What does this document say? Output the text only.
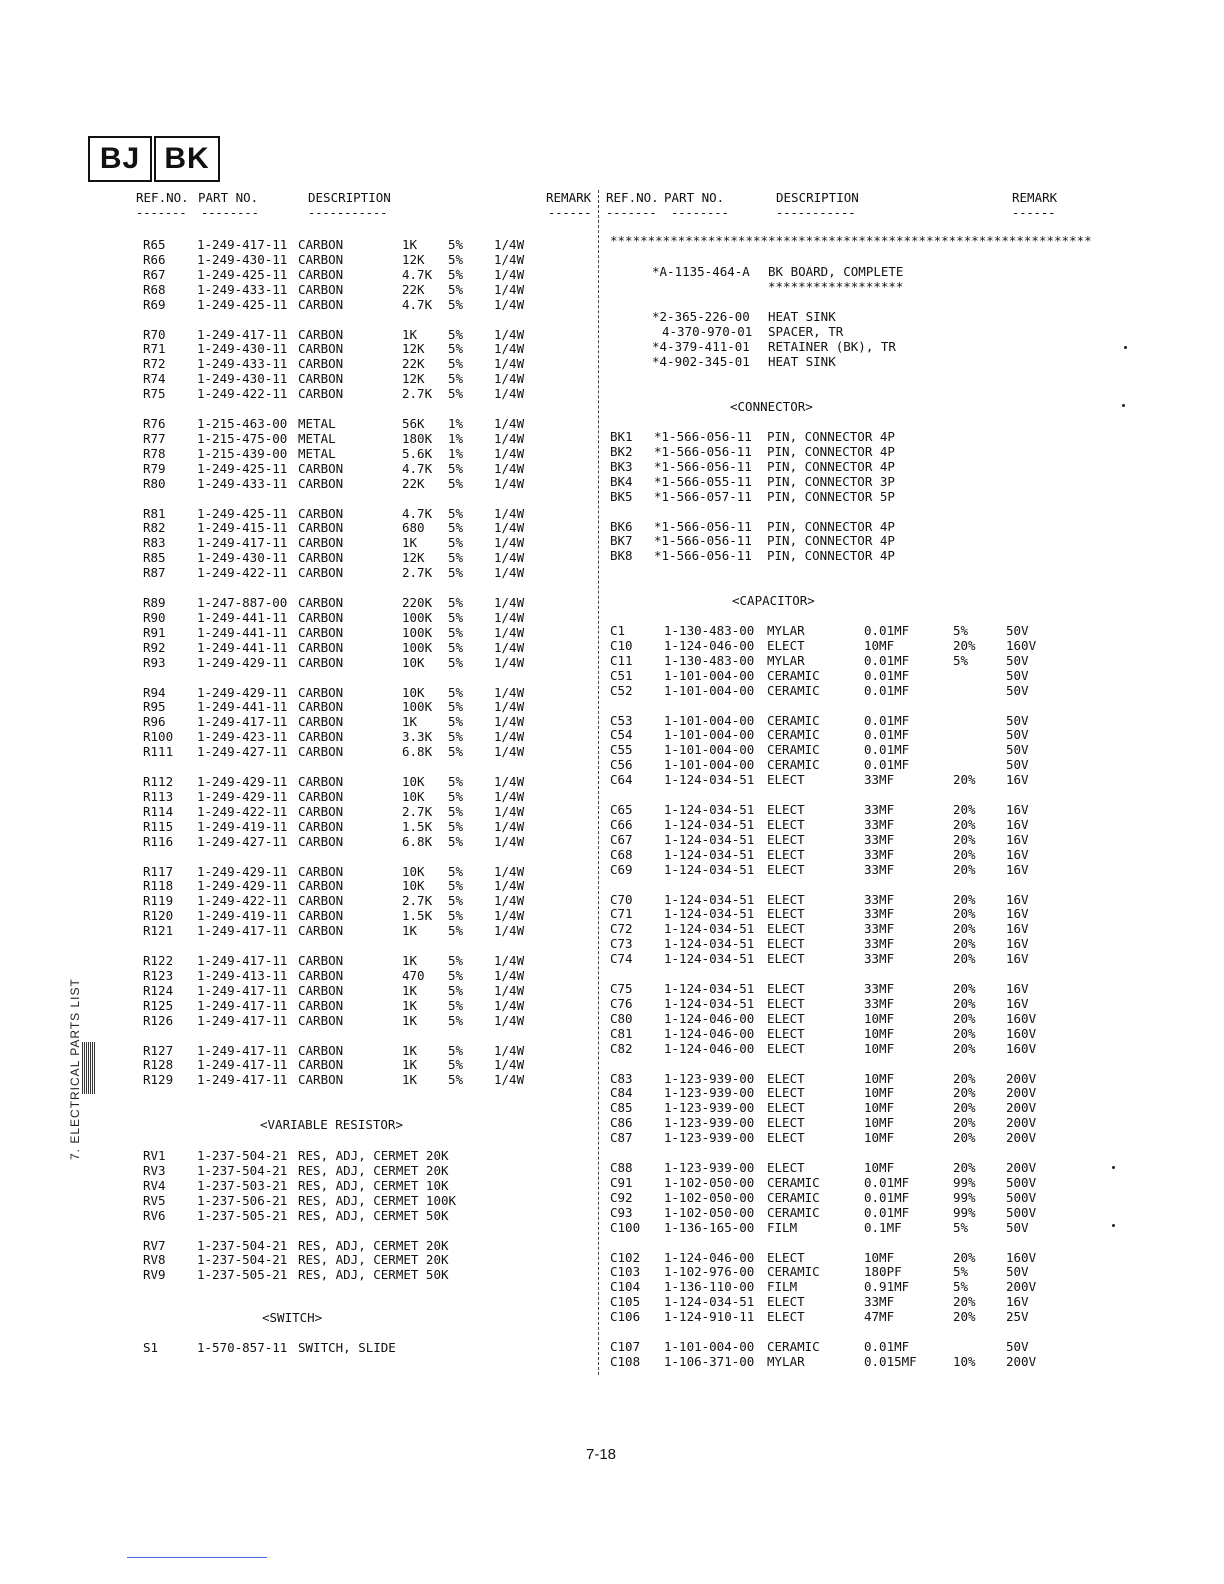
BJ BK
REF.NO. PART NO.	DESCRIPTION	REMARK REF.NO. PART NO.	DESCRIPTION	REMARK
-------  --------	-----------	------ -------  --------	-----------	------
R65	1-249-417-11 CARBON	1K 5% 1/4W
R66	1-249-430-11 CARBON	12K 5% 1/4W
R67	1-249-425-11 CARBON	4.7K 5% 1/4W
R68	1-249-433-11 CARBON	22K 5% 1/4W
R69	1-249-425-11 CARBON	4.7K 5% 1/4W
R70	1-249-417-11 CARBON	1K 5% 1/4W
R71	1-249-430-11 CARBON	12K 5% 1/4W
R72	1-249-433-11 CARBON	22K 5% 1/4W
R74	1-249-430-11 CARBON	12K 5% 1/4W
R75	1-249-422-11 CARBON	2.7K 5% 1/4W
R76	1-215-463-00 METAL	56K 1% 1/4W
R77	1-215-475-00 METAL	180K 1% 1/4W
R78	1-215-439-00 METAL	5.6K 1% 1/4W
R79	1-249-425-11 CARBON	4.7K 5% 1/4W
R80	1-249-433-11 CARBON	22K 5% 1/4W
R81	1-249-425-11 CARBON	4.7K 5% 1/4W
R82	1-249-415-11 CARBON	680 5% 1/4W
R83	1-249-417-11 CARBON	1K 5% 1/4W
R85	1-249-430-11 CARBON	12K 5% 1/4W
R87	1-249-422-11 CARBON	2.7K 5% 1/4W
R89	1-247-887-00 CARBON	220K 5% 1/4W
R90	1-249-441-11 CARBON	100K 5% 1/4W
R91	1-249-441-11 CARBON	100K 5% 1/4W
R92	1-249-441-11 CARBON	100K 5% 1/4W
R93	1-249-429-11 CARBON	10K 5% 1/4W
R94	1-249-429-11 CARBON	10K 5% 1/4W
R95	1-249-441-11 CARBON	100K 5% 1/4W
R96	1-249-417-11 CARBON	1K 5% 1/4W
R100 1-249-423-11 CARBON	3.3K 5% 1/4W
R111 1-249-427-11 CARBON	6.8K 5% 1/4W
R112 1-249-429-11 CARBON	10K 5% 1/4W
R113 1-249-429-11 CARBON	10K 5% 1/4W
R114 1-249-422-11 CARBON	2.7K 5% 1/4W
R115 1-249-419-11 CARBON	1.5K 5% 1/4W
R116 1-249-427-11 CARBON	6.8K 5% 1/4W
R117 1-249-429-11 CARBON	10K 5% 1/4W
R118 1-249-429-11 CARBON	10K 5% 1/4W
R119 1-249-422-11 CARBON	2.7K 5% 1/4W
R120 1-249-419-11 CARBON	1.5K 5% 1/4W
R121 1-249-417-11 CARBON	1K 5% 1/4W
R122 1-249-417-11 CARBON	1K 5% 1/4W
R123 1-249-413-11 CARBON	470 5% 1/4W
R124 1-249-417-11 CARBON	1K 5% 1/4W
R125 1-249-417-11 CARBON	1K 5% 1/4W
R126 1-249-417-11 CARBON	1K 5% 1/4W
R127 1-249-417-11 CARBON	1K 5% 1/4W
R128 1-249-417-11 CARBON	1K 5% 1/4W
R129 1-249-417-11 CARBON	1K 5% 1/4W
<VARIABLE RESISTOR>
RV1	1-237-504-21 RES, ADJ, CERMET 20K
RV3	1-237-504-21 RES, ADJ, CERMET 20K
RV4	1-237-503-21 RES, ADJ, CERMET 10K
RV5	1-237-506-21 RES, ADJ, CERMET 100K
RV6	1-237-505-21 RES, ADJ, CERMET 50K
RV7	1-237-504-21 RES, ADJ, CERMET 20K
RV8	1-237-504-21 RES, ADJ, CERMET 20K
RV9	1-237-505-21 RES, ADJ, CERMET 50K
<SWITCH>
S1	1-570-857-11 SWITCH, SLIDE
****************************************************************
*A-1135-464-A BK BOARD, COMPLETE
******************
*2-365-226-00 HEAT SINK
4-370-970-01 SPACER, TR
*4-379-411-01 RETAINER (BK), TR
*4-902-345-01 HEAT SINK
<CONNECTOR>
BK1 *1-566-056-11 PIN, CONNECTOR 4P
BK2 *1-566-056-11 PIN, CONNECTOR 4P
BK3 *1-566-056-11 PIN, CONNECTOR 4P
BK4 *1-566-055-11 PIN, CONNECTOR 3P
BK5 *1-566-057-11 PIN, CONNECTOR 5P
BK6 *1-566-056-11 PIN, CONNECTOR 4P
BK7 *1-566-056-11 PIN, CONNECTOR 4P
BK8 *1-566-056-11 PIN, CONNECTOR 4P
<CAPACITOR>
C1	1-130-483-00 MYLAR	0.01MF	5%	50V
C10	1-124-046-00 ELECT	10MF	20% 160V
C11	1-130-483-00 MYLAR	0.01MF	5%	50V
C51	1-101-004-00 CERAMIC	0.01MF	50V
C52	1-101-004-00 CERAMIC	0.01MF	50V
C53	1-101-004-00 CERAMIC	0.01MF	50V
C54	1-101-004-00 CERAMIC	0.01MF	50V
C55	1-101-004-00 CERAMIC	0.01MF	50V
C56	1-101-004-00 CERAMIC	0.01MF	50V
C64	1-124-034-51 ELECT	33MF	20% 16V
C65	1-124-034-51 ELECT	33MF	20% 16V
C66	1-124-034-51 ELECT	33MF	20% 16V
C67	1-124-034-51 ELECT	33MF	20% 16V
C68	1-124-034-51 ELECT	33MF	20% 16V
C69	1-124-034-51 ELECT	33MF	20% 16V
C70	1-124-034-51 ELECT	33MF	20% 16V
C71	1-124-034-51 ELECT	33MF	20% 16V
C72	1-124-034-51 ELECT	33MF	20% 16V
C73	1-124-034-51 ELECT	33MF	20% 16V
C74	1-124-034-51 ELECT	33MF	20% 16V
C75	1-124-034-51 ELECT	33MF	20% 16V
C76	1-124-034-51 ELECT	33MF	20% 16V
C80	1-124-046-00 ELECT	10MF	20% 160V
C81	1-124-046-00 ELECT	10MF	20% 160V
C82	1-124-046-00 ELECT	10MF	20% 160V
C83	1-123-939-00 ELECT	10MF	20% 200V
C84	1-123-939-00 ELECT	10MF	20% 200V
C85	1-123-939-00 ELECT	10MF	20% 200V
C86	1-123-939-00 ELECT	10MF	20% 200V
C87	1-123-939-00 ELECT	10MF	20% 200V
C88	1-123-939-00 ELECT	10MF	20% 200V
C91	1-102-050-00 CERAMIC	0.01MF	99% 500V
C92	1-102-050-00 CERAMIC	0.01MF	99% 500V
C93	1-102-050-00 CERAMIC	0.01MF	99% 500V
C100 1-136-165-00 FILM	0.1MF	5%	50V
C102 1-124-046-00 ELECT	10MF	20% 160V
C103 1-102-976-00 CERAMIC	180PF	5%	50V
C104 1-136-110-00 FILM	0.91MF	5%	200V
C105 1-124-034-51 ELECT	33MF	20% 16V
C106 1-124-910-11 ELECT	47MF	20% 25V
C107 1-101-004-00 CERAMIC	0.01MF	50V
C108 1-106-371-00 MYLAR	0.015MF	10% 200V
7. ELECTRICAL PARTS LIST
7-18
